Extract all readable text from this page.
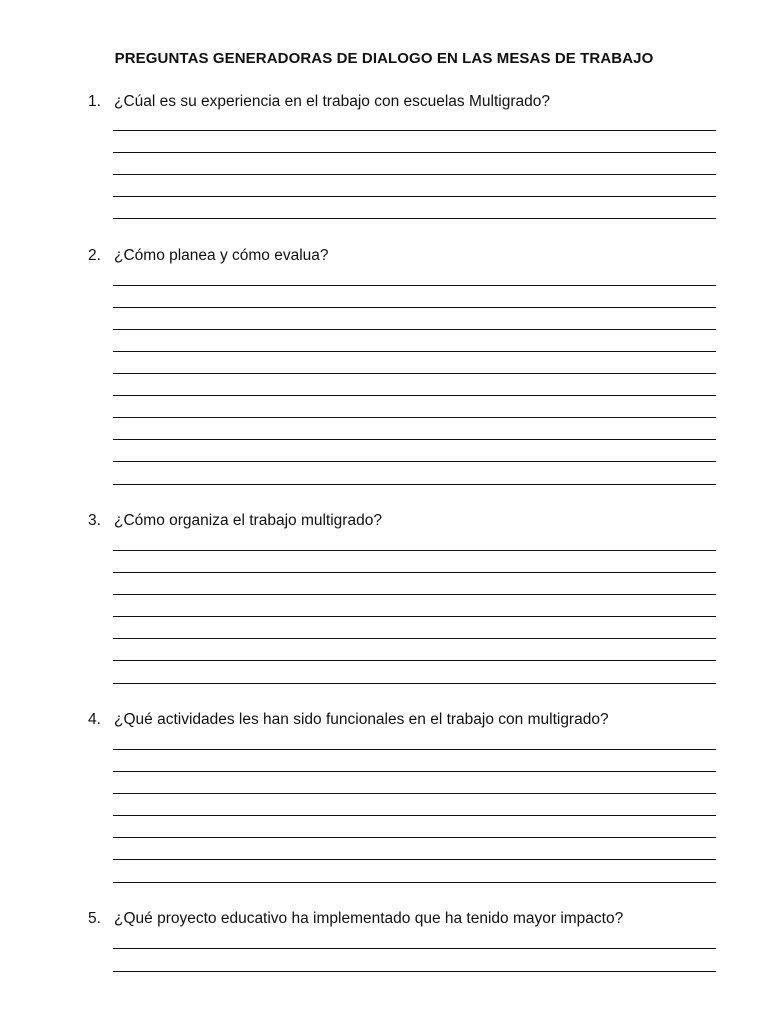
PREGUNTAS GENERADORAS DE DIALOGO EN LAS MESAS DE TRABAJO
1. ¿Cúal es su experiencia en el trabajo con escuelas Multigrado?
2. ¿Cómo planea y cómo evalua?
3. ¿Cómo organiza el trabajo multigrado?
4. ¿Qué actividades les han sido funcionales en el trabajo con multigrado?
5. ¿Qué proyecto educativo ha implementado que ha tenido mayor impacto?
